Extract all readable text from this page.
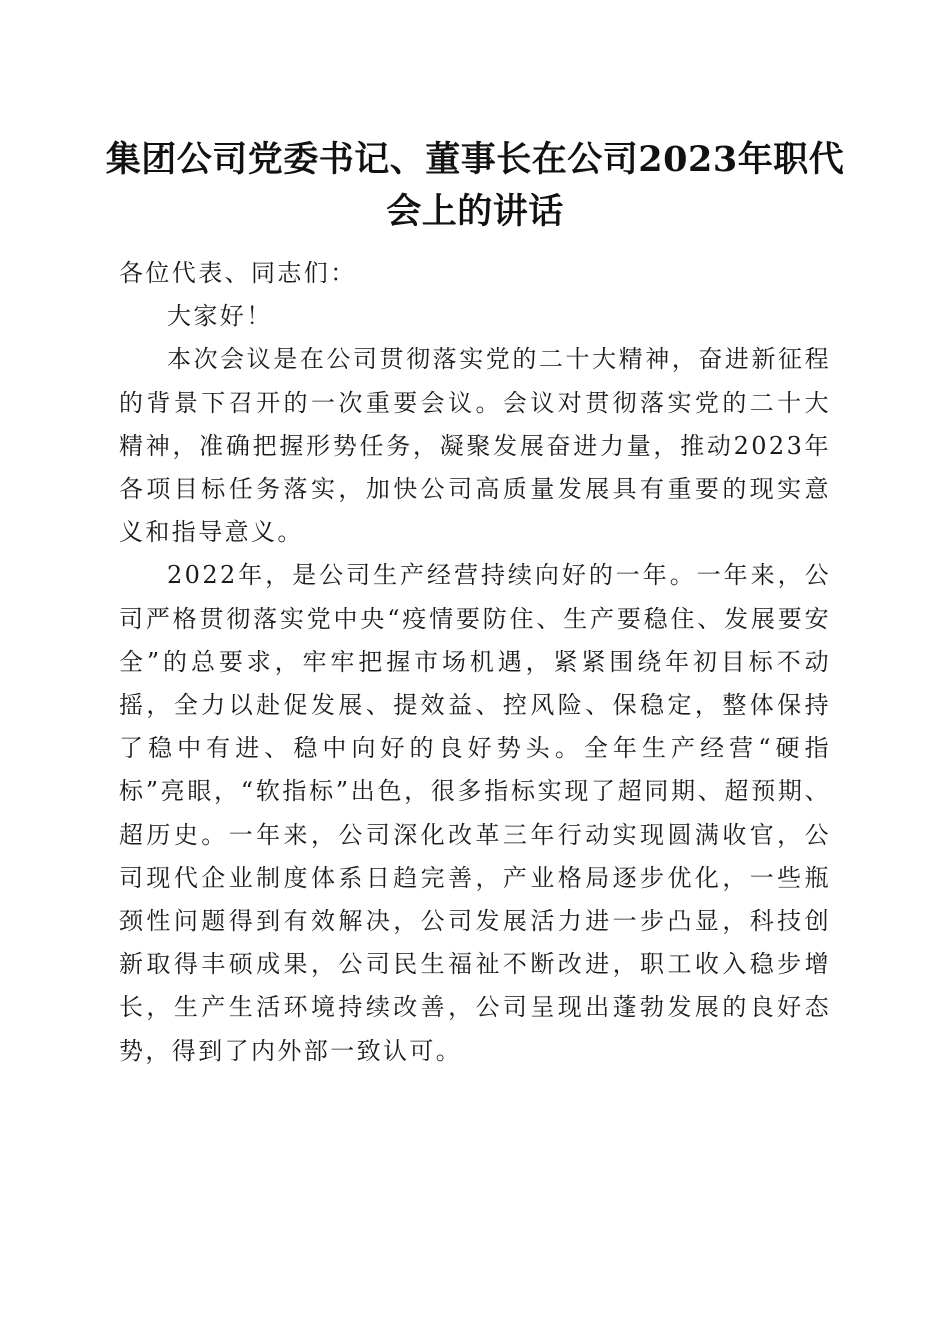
集团公司党委书记、董事长在公司2023年职代会上的讲话

各位代表、同志们：

大家好！

本次会议是在公司贯彻落实党的二十大精神，奋进新征程的背景下召开的一次重要会议。会议对贯彻落实党的二十大精神，准确把握形势任务，凝聚发展奋进力量，推动2023年各项目标任务落实，加快公司高质量发展具有重要的现实意义和指导意义。

2022年，是公司生产经营持续向好的一年。一年来，公司严格贯彻落实党中央“疫情要防住、生产要稳住、发展要安全”的总要求，牢牢把握市场机遇，紧紧围绕年初目标不动摇，全力以赴促发展、提效益、控风险、保稳定，整体保持了稳中有进、稳中向好的良好势头。全年生产经营“硬指标”亮眼，“软指标”出色，很多指标实现了超同期、超预期、超历史。一年来，公司深化改革三年行动实现圆满收官，公司现代企业制度体系日趋完善，产业格局逐步优化，一些瓶颈性问题得到有效解决，公司发展活力进一步凸显，科技创新取得丰硕成果，公司民生福祉不断改进，职工收入稳步增长，生产生活环境持续改善，公司呈现出蓬勃发展的良好态势，得到了内外部一致认可。
